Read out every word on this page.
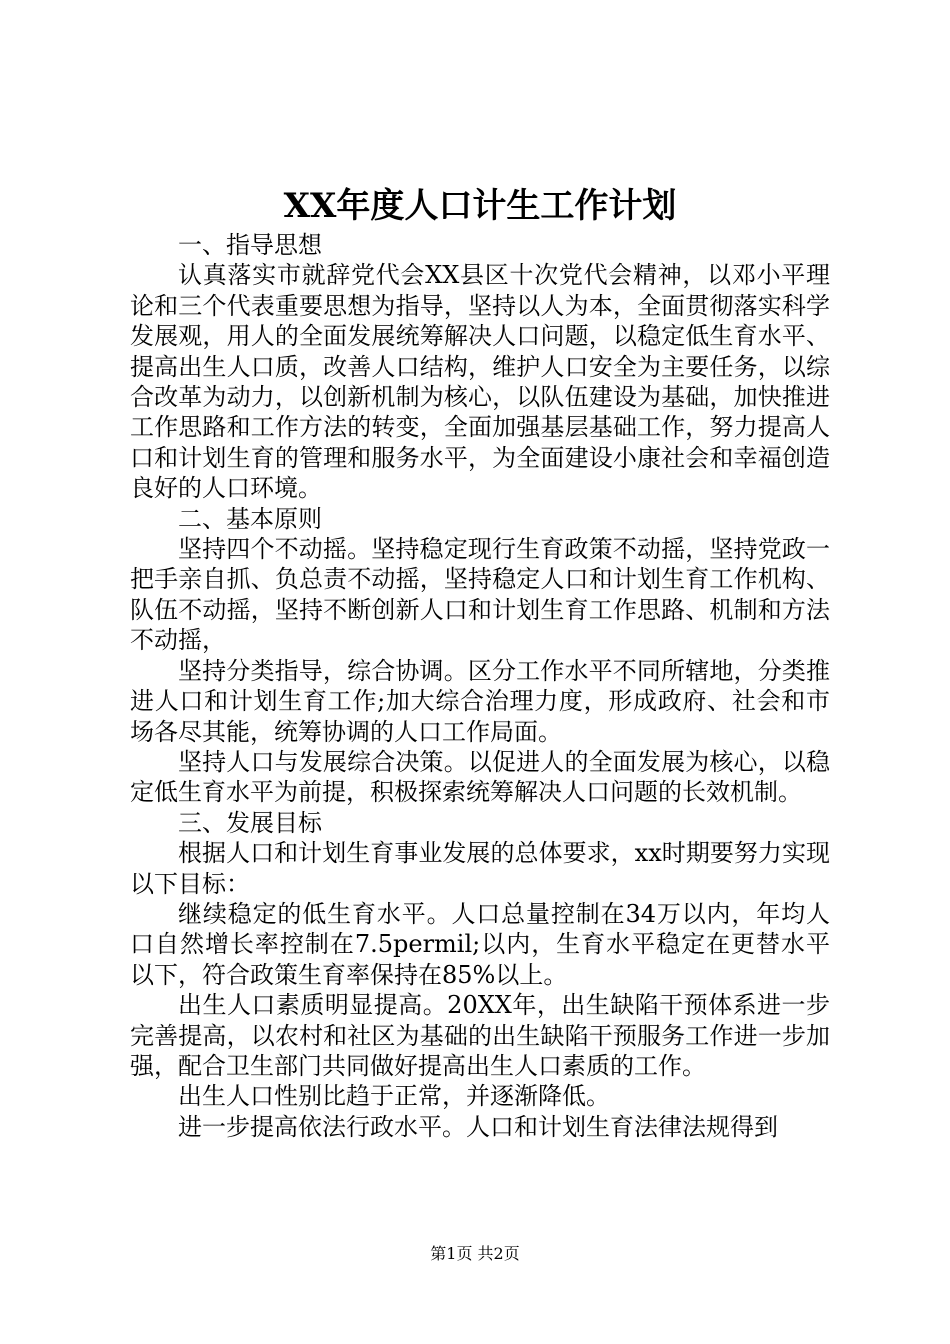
XX年度人口计生工作计划

一、指导思想

认真落实市就辞党代会XX县区十次党代会精神，以邓小平理论和三个代表重要思想为指导，坚持以人为本，全面贯彻落实科学发展观，用人的全面发展统筹解决人口问题，以稳定低生育水平、提高出生人口质，改善人口结构，维护人口安全为主要任务，以综合改革为动力，以创新机制为核心，以队伍建设为基础，加快推进工作思路和工作方法的转变，全面加强基层基础工作，努力提高人口和计划生育的管理和服务水平，为全面建设小康社会和幸福创造良好的人口环境。

二、基本原则

坚持四个不动摇。坚持稳定现行生育政策不动摇，坚持党政一把手亲自抓、负总责不动摇，坚持稳定人口和计划生育工作机构、队伍不动摇，坚持不断创新人口和计划生育工作思路、机制和方法不动摇，

坚持分类指导，综合协调。区分工作水平不同所辖地，分类推进人口和计划生育工作;加大综合治理力度，形成政府、社会和市场各尽其能，统筹协调的人口工作局面。

坚持人口与发展综合决策。以促进人的全面发展为核心，以稳定低生育水平为前提，积极探索统筹解决人口问题的长效机制。

三、发展目标

根据人口和计划生育事业发展的总体要求，xx时期要努力实现以下目标：

继续稳定的低生育水平。人口总量控制在34万以内，年均人口自然增长率控制在7.5permil;以内，生育水平稳定在更替水平以下，符合政策生育率保持在85%以上。

出生人口素质明显提高。20XX年，出生缺陷干预体系进一步完善提高，以农村和社区为基础的出生缺陷干预服务工作进一步加强，配合卫生部门共同做好提高出生人口素质的工作。

出生人口性别比趋于正常，并逐渐降低。

进一步提高依法行政水平。人口和计划生育法律法规得到

第1页 共2页
